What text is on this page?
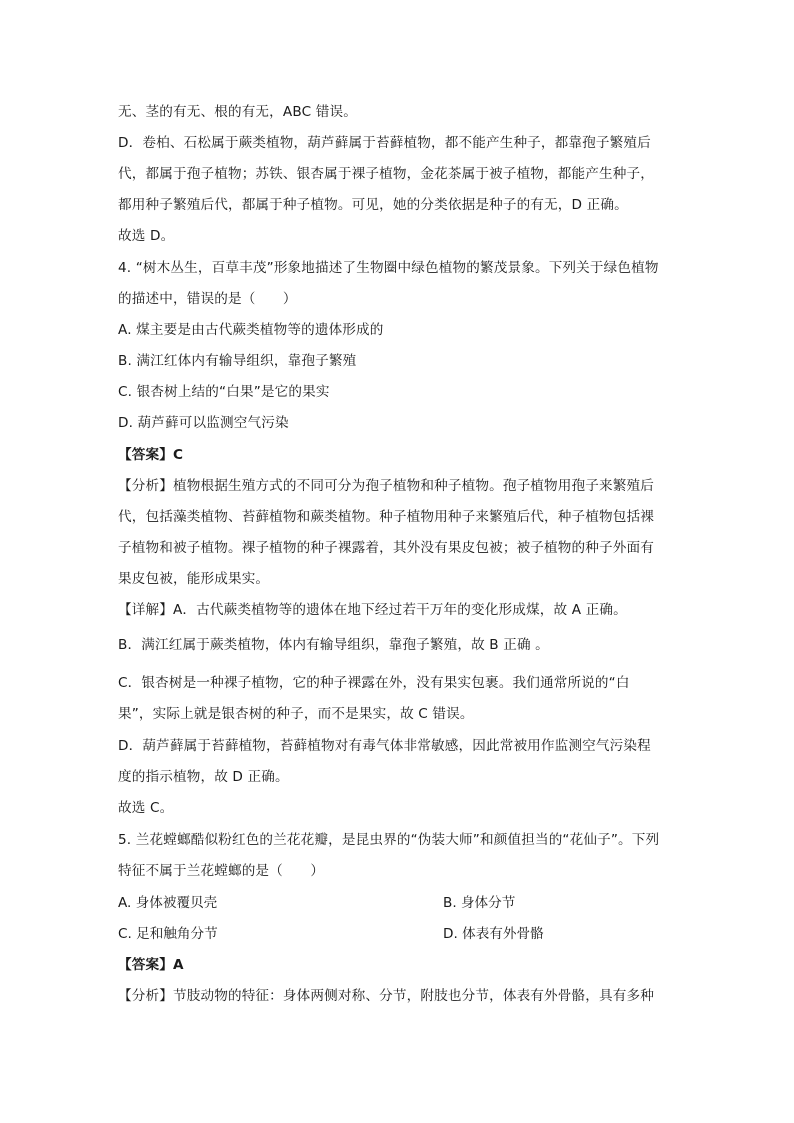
无、茎的有无、根的有无，ABC 错误。
D．卷柏、石松属于蕨类植物，葫芦藓属于苔藓植物，都不能产生种子，都靠孢子繁殖后
代，都属于孢子植物；苏铁、银杏属于裸子植物，金花茶属于被子植物，都能产生种子，
都用种子繁殖后代，都属于种子植物。可见，她的分类依据是种子的有无，D 正确。
故选 D。
4. “树木丛生，百草丰茂”形象地描述了生物圈中绿色植物的繁茂景象。下列关于绿色植物
的描述中，错误的是（　　）
A. 煤主要是由古代蕨类植物等的遗体形成的
B. 满江红体内有输导组织，靠孢子繁殖
C. 银杏树上结的“白果”是它的果实
D. 葫芦藓可以监测空气污染
【答案】C
【分析】植物根据生殖方式的不同可分为孢子植物和种子植物。孢子植物用孢子来繁殖后
代，包括藻类植物、苔藓植物和蕨类植物。种子植物用种子来繁殖后代，种子植物包括裸
子植物和被子植物。裸子植物的种子裸露着，其外没有果皮包被；被子植物的种子外面有
果皮包被，能形成果实。
【详解】A．古代蕨类植物等的遗体在地下经过若干万年的变化形成煤，故 A 正确。
B．满江红属于蕨类植物，体内有输导组织，靠孢子繁殖，故 B 正确 。
C．银杏树是一种裸子植物，它的种子裸露在外，没有果实包裹。我们通常所说的“白
果”，实际上就是银杏树的种子，而不是果实，故 C 错误。
D．葫芦藓属于苔藓植物，苔藓植物对有毒气体非常敏感，因此常被用作监测空气污染程
度的指示植物，故 D 正确。
故选 C。
5. 兰花螳螂酷似粉红色的兰花花瓣，是昆虫界的“伪装大师”和颜值担当的“花仙子”。下列
特征不属于兰花螳螂的是（　　）
A. 身体被覆贝壳	B. 身体分节
C. 足和触角分节	D. 体表有外骨骼
【答案】A
【分析】节肢动物的特征：身体两侧对称、分节，附肢也分节，体表有外骨骼，具有多种
